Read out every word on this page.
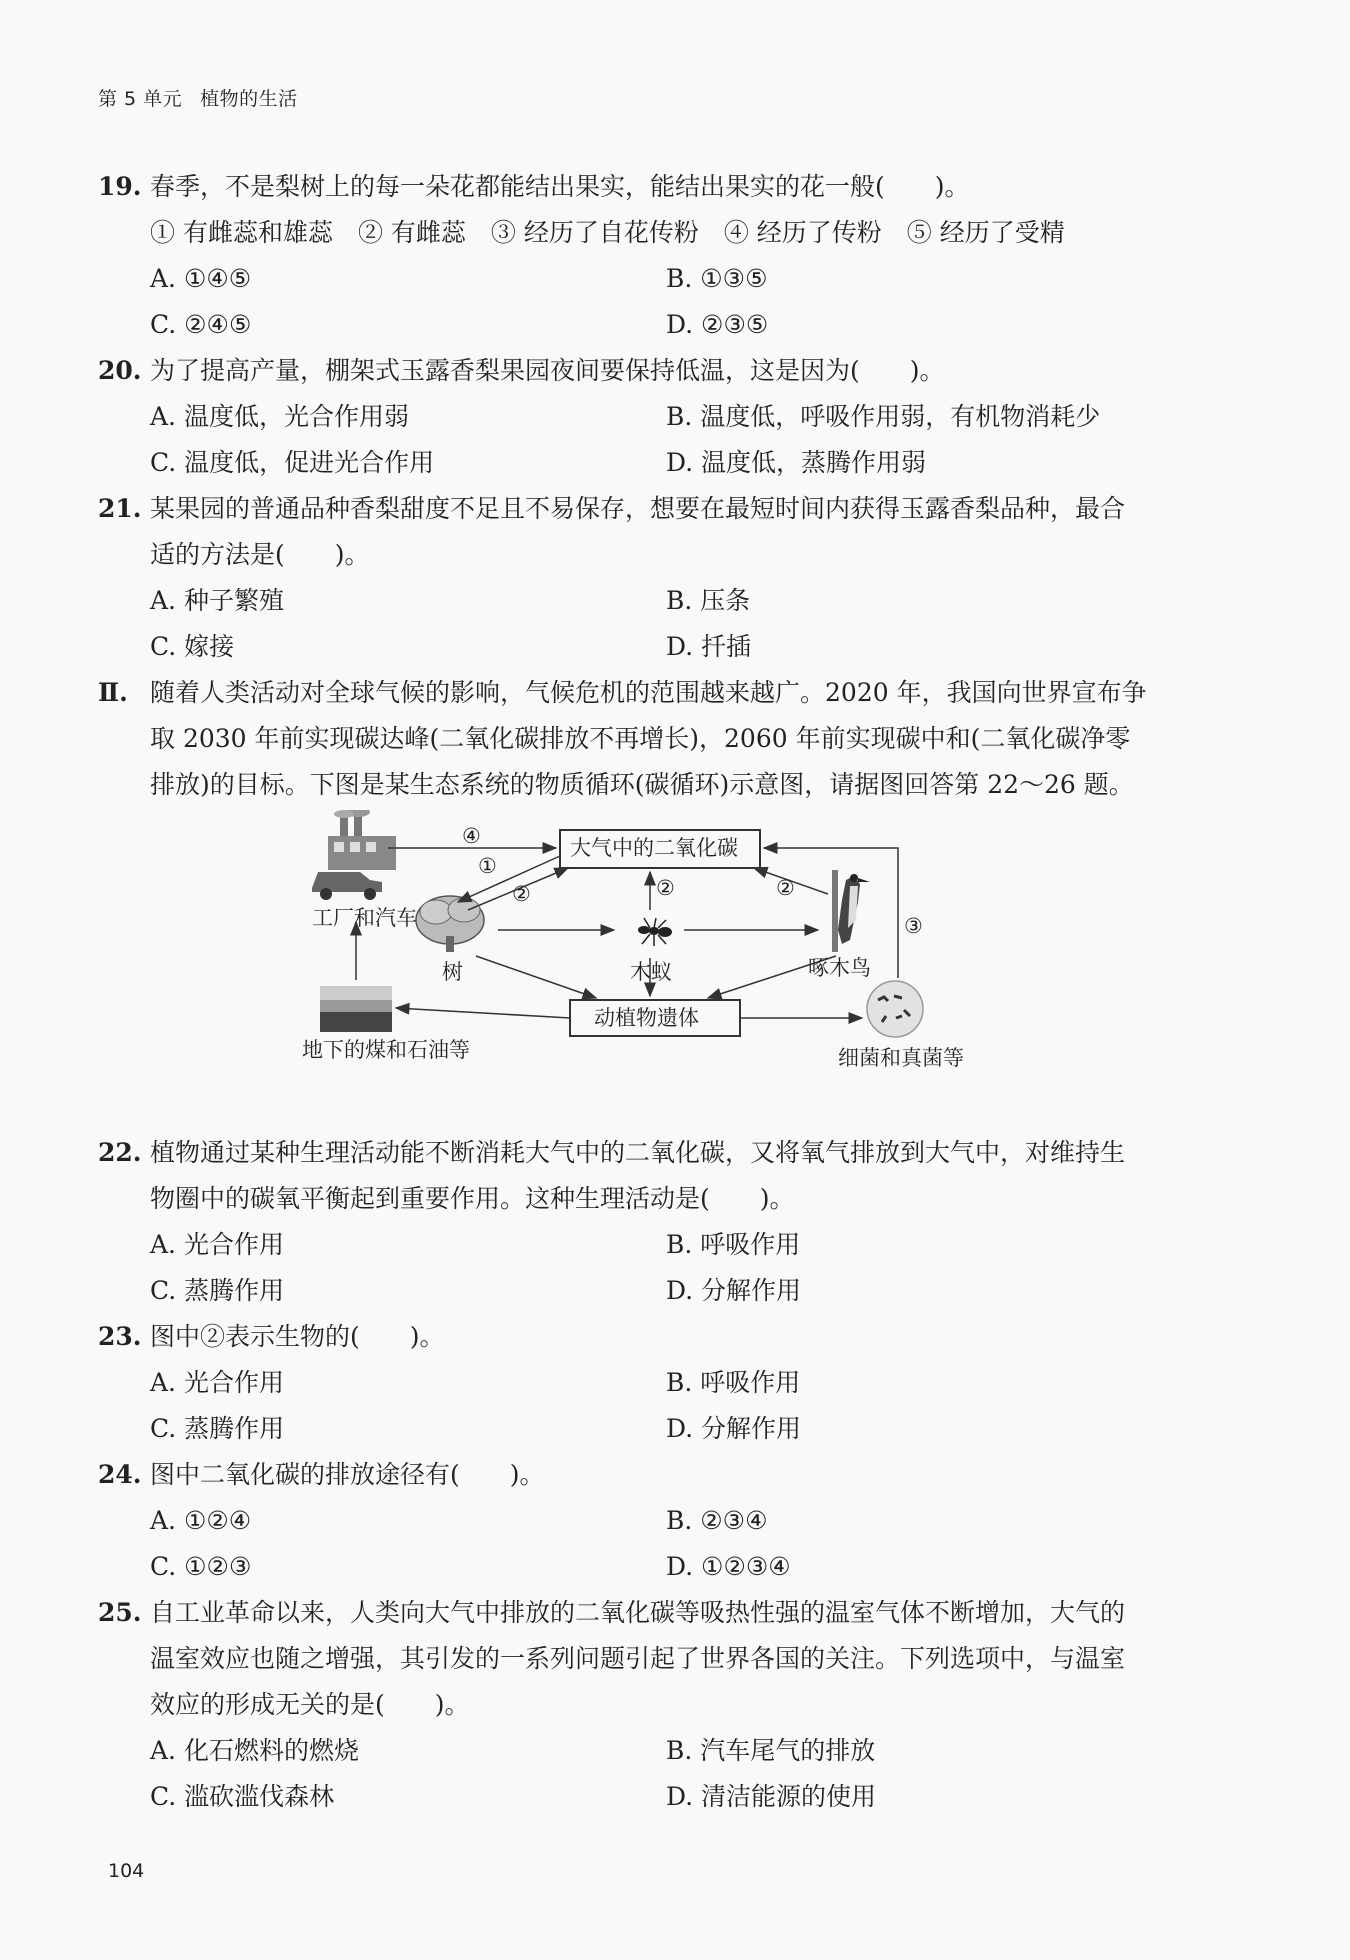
第 5 单元 植物的生活
19. 春季，不是梨树上的每一朵花都能结出果实，能结出果实的花一般(　　)。
① 有雌蕊和雄蕊　② 有雌蕊　③ 经历了自花传粉　④ 经历了传粉　⑤ 经历了受精
A. ①④⑤	B. ①③⑤
C. ②④⑤	D. ②③⑤
20. 为了提高产量，棚架式玉露香梨果园夜间要保持低温，这是因为(　　)。
A. 温度低，光合作用弱	B. 温度低，呼吸作用弱，有机物消耗少
C. 温度低，促进光合作用	D. 温度低，蒸腾作用弱
21. 某果园的普通品种香梨甜度不足且不易保存，想要在最短时间内获得玉露香梨品种，最合
适的方法是(　　)。
A. 种子繁殖	B. 压条
C. 嫁接	D. 扦插
Ⅱ. 随着人类活动对全球气候的影响，气候危机的范围越来越广。2020 年，我国向世界宣布争
取 2030 年前实现碳达峰(二氧化碳排放不再增长)，2060 年前实现碳中和(二氧化碳净零
排放)的目标。下图是某生态系统的物质循环(碳循环)示意图，请据图回答第 22～26 题。
大气中的二氧化碳
工厂和汽车
树	木蚁	啄木鸟
动植物遗体
地下的煤和石油等	细菌和真菌等
①
②	②	②
③
④
22. 植物通过某种生理活动能不断消耗大气中的二氧化碳，又将氧气排放到大气中，对维持生
物圈中的碳氧平衡起到重要作用。这种生理活动是(　　)。
A. 光合作用	B. 呼吸作用
C. 蒸腾作用	D. 分解作用
23. 图中②表示生物的(　　)。
A. 光合作用	B. 呼吸作用
C. 蒸腾作用	D. 分解作用
24. 图中二氧化碳的排放途径有(　　)。
A. ①②④	B. ②③④
C. ①②③	D. ①②③④
25. 自工业革命以来，人类向大气中排放的二氧化碳等吸热性强的温室气体不断增加，大气的
温室效应也随之增强，其引发的一系列问题引起了世界各国的关注。下列选项中，与温室
效应的形成无关的是(　　)。
A. 化石燃料的燃烧	B. 汽车尾气的排放
C. 滥砍滥伐森林	D. 清洁能源的使用
104
